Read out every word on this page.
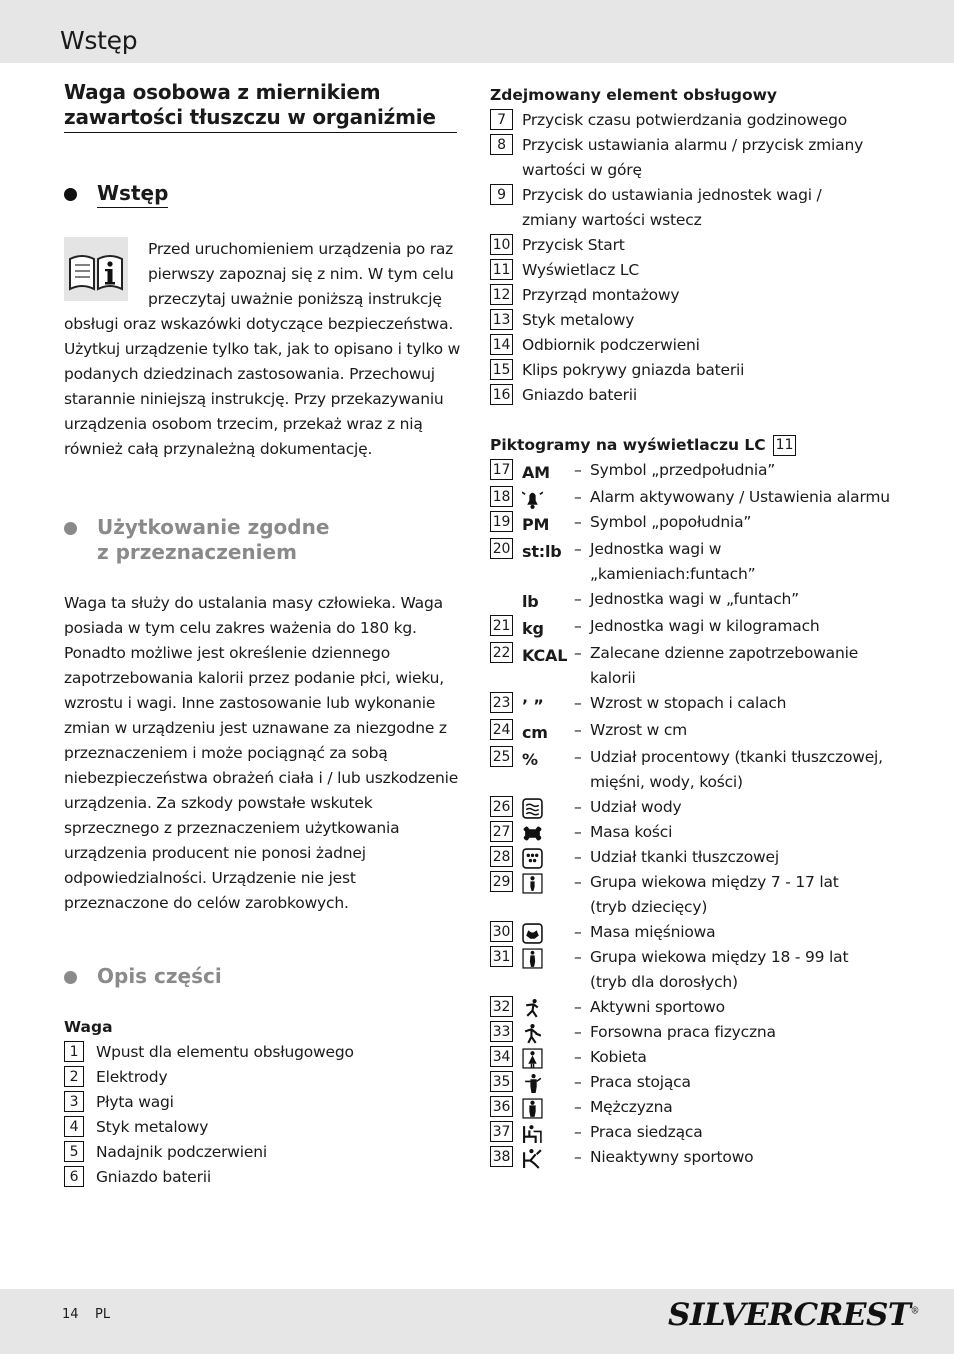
Wstęp
Waga osobowa z miernikiem zawartości tłuszczu w organiźmie
Wstęp
Przed uruchomieniem urządzenia po raz pierwszy zapoznaj się z nim. W tym celu przeczytaj uważnie poniższą instrukcję obsługi oraz wskazówki dotyczące bezpieczeństwa. Użytkuj urządzenie tylko tak, jak to opisano i tylko w podanych dziedzinach zastosowania. Przechowuj starannie niniejszą instrukcję. Przy przekazywaniu urządzenia osobom trzecim, przekaż wraz z nią również całą przynależną dokumentację.
Użytkowanie zgodne
z przeznaczeniem
Waga ta służy do ustalania masy człowieka. Waga posiada w tym celu zakres ważenia do 180 kg. Ponadto możliwe jest określenie dziennego zapotrzebowania kalorii przez podanie płci, wieku, wzrostu i wagi. Inne zastosowanie lub wykonanie zmian w urządzeniu jest uznawane za niezgodne z przeznaczeniem i może pociągnąć za sobą niebezpieczeństwa obrażeń ciała i / lub uszkodzenie urządzenia. Za szkody powstałe wskutek sprzecznego z przeznaczeniem użytkowania urządzenia producent nie ponosi żadnej odpowiedzialności. Urządzenie nie jest przeznaczone do celów zarobkowych.
Opis części
Waga
1	Wpust dla elementu obsługowego
2	Elektrody
3	Płyta wagi
4	Styk metalowy
5	Nadajnik podczerwieni
6	Gniazdo baterii
Zdejmowany element obsługowy
7	Przycisk czasu potwierdzania godzinowego
8	Przycisk ustawiania alarmu / przycisk zmiany
wartości w górę
9	Przycisk do ustawiania jednostek wagi /
zmiany wartości wstecz
10 Przycisk Start
11 Wyświetlacz LC
12 Przyrząd montażowy
13 Styk metalowy
14 Odbiornik podczerwieni
15 Klips pokrywy gniazda baterii
16 Gniazdo baterii
Piktogramy na wyświetlaczu LC 11
17 AM	– Symbol „przedpołudnia”
18	– Alarm aktywowany / Ustawienia alarmu
19 PM	– Symbol „popołudnia”
20 st:lb – Jednostka wagi w „kamieniach:funtach”
lb	– Jednostka wagi w „funtach”
21 kg	– Jednostka wagi w kilogramach
22 KCAL – Zalecane dzienne zapotrzebowanie
kalorii
23 ’ ”	– Wzrost w stopach i calach
24 cm	– Wzrost w cm
25 %	– Udział procentowy (tkanki tłuszczowej,
mięśni, wody, kości)
26	– Udział wody
27	– Masa kości
28	– Udział tkanki tłuszczowej
29	– Grupa wiekowa między 7 - 17 lat
(tryb dziecięcy)
30	– Masa mięśniowa
31	– Grupa wiekowa między 18 - 99 lat
(tryb dla dorosłych)
32	– Aktywni sportowo
33	– Forsowna praca fizyczna
34	– Kobieta
35	– Praca stojąca
36	– Mężczyzna
37	– Praca siedząca
38	– Nieaktywny sportowo
14 PL	SILVERCREST®
